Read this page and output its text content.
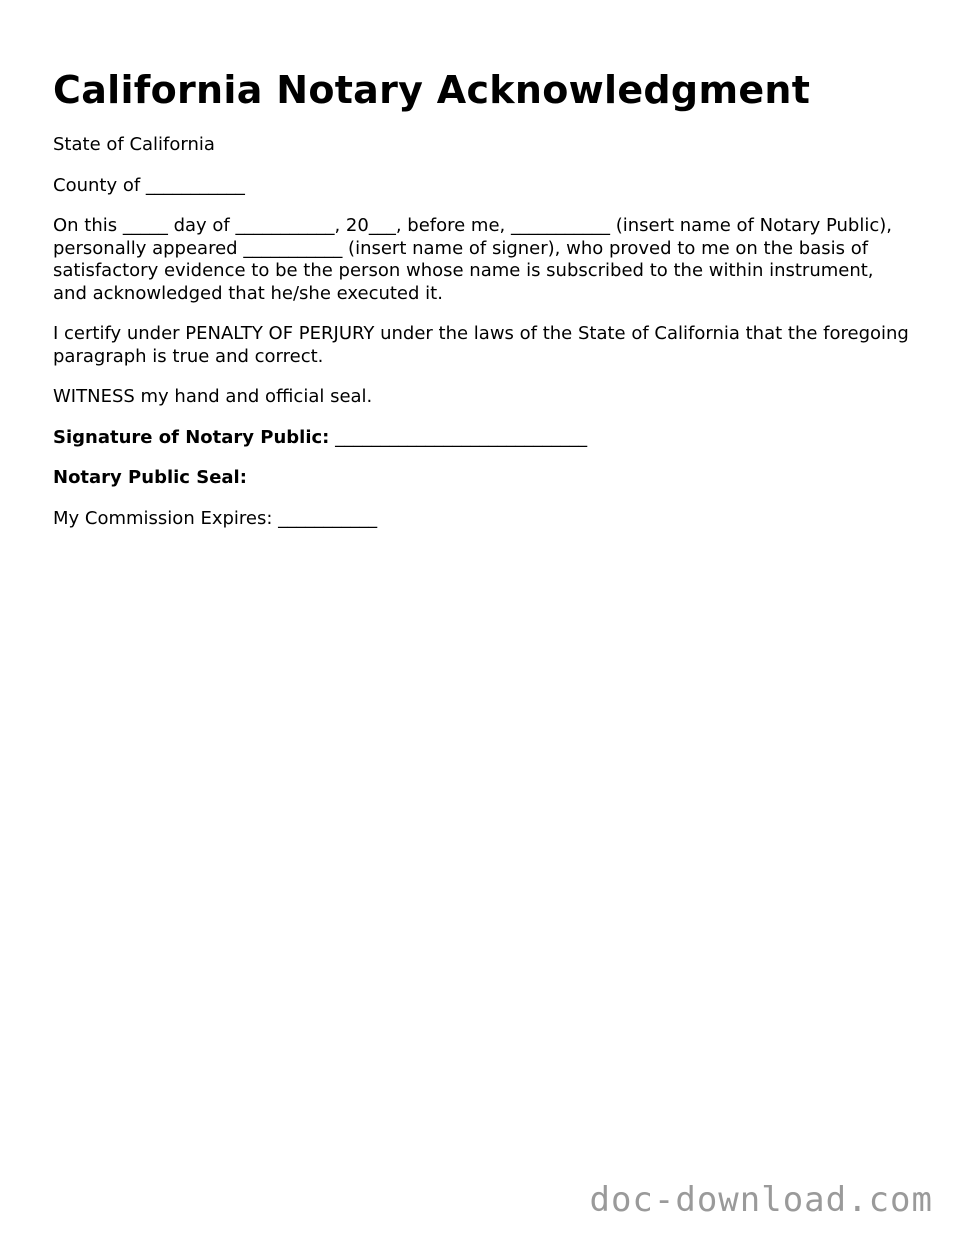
California Notary Acknowledgment

State of California

County of ___________

On this _____ day of ___________, 20___, before me, ___________ (insert name of Notary Public), personally appeared ___________ (insert name of signer), who proved to me on the basis of satisfactory evidence to be the person whose name is subscribed to the within instrument, and acknowledged that he/she executed it.

I certify under PENALTY OF PERJURY under the laws of the State of California that the foregoing paragraph is true and correct.

WITNESS my hand and official seal.

Signature of Notary Public: ____________________________

Notary Public Seal:

My Commission Expires: ___________

doc-download.com
